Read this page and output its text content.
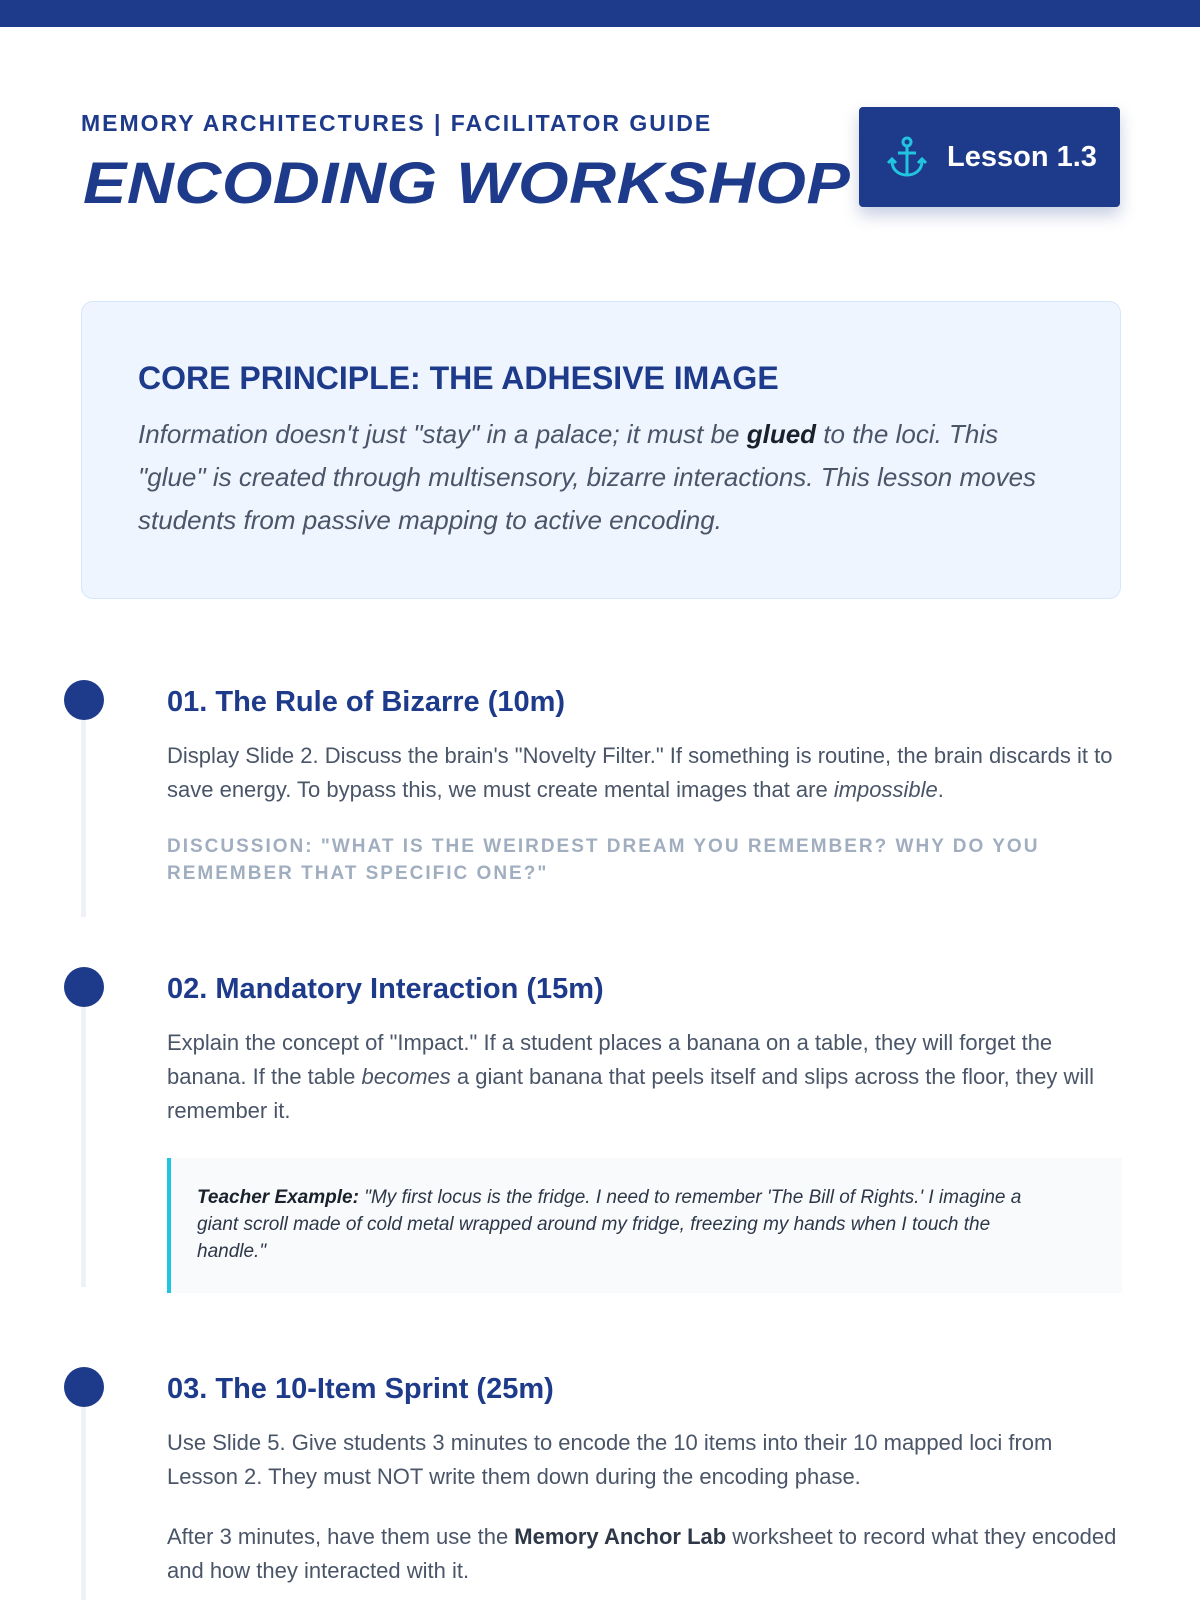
MEMORY ARCHITECTURES | FACILITATOR GUIDE
ENCODING WORKSHOP	Lesson 1.3
CORE PRINCIPLE: THE ADHESIVE IMAGE

Information doesn't just "stay" in a palace; it must be glued to the loci. This "glue" is created through multisensory, bizarre interactions. This lesson moves students from passive mapping to active encoding.

01. The Rule of Bizarre (10m)

Display Slide 2. Discuss the brain's "Novelty Filter." If something is routine, the brain discards it to save energy. To bypass this, we must create mental images that are impossible.

DISCUSSION: "WHAT IS THE WEIRDEST DREAM YOU REMEMBER? WHY DO YOU REMEMBER THAT SPECIFIC ONE?"
02. Mandatory Interaction (15m)

Explain the concept of "Impact." If a student places a banana on a table, they will forget the banana. If the table becomes a giant banana that peels itself and slips across the floor, they will remember it.

Teacher Example: "My first locus is the fridge. I need to remember 'The Bill of Rights.' I imagine a giant scroll made of cold metal wrapped around my fridge, freezing my hands when I touch the handle."
03. The 10-Item Sprint (25m)

Use Slide 5. Give students 3 minutes to encode the 10 items into their 10 mapped loci from Lesson 2. They must NOT write them down during the encoding phase.

After 3 minutes, have them use the Memory Anchor Lab worksheet to record what they encoded and how they interacted with it.
